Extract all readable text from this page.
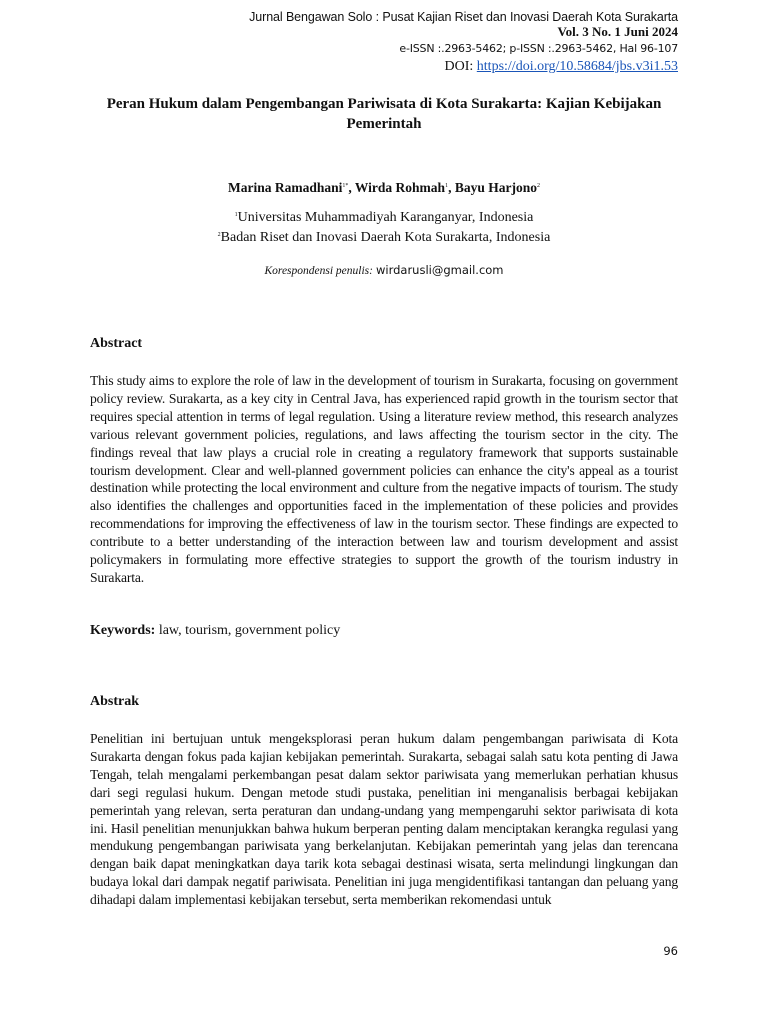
Jurnal Bengawan Solo : Pusat Kajian Riset dan Inovasi Daerah Kota Surakarta
Vol. 3 No. 1 Juni 2024
e-ISSN :.2963-5462; p-ISSN :.2963-5462, Hal 96-107
DOI: https://doi.org/10.58684/jbs.v3i1.53
Peran Hukum dalam Pengembangan Pariwisata di Kota Surakarta: Kajian Kebijakan Pemerintah
Marina Ramadhani$^{1*}$, Wirda Rohmah$^1$, Bayu Harjono$^2$
$^1$Universitas Muhammadiyah Karanganyar, Indonesia
$^2$Badan Riset dan Inovasi Daerah Kota Surakarta, Indonesia
Korespondensi penulis: wirdarusli@gmail.com
Abstract
This study aims to explore the role of law in the development of tourism in Surakarta, focusing on government policy review. Surakarta, as a key city in Central Java, has experienced rapid growth in the tourism sector that requires special attention in terms of legal regulation. Using a literature review method, this research analyzes various relevant government policies, regulations, and laws affecting the tourism sector in the city. The findings reveal that law plays a crucial role in creating a regulatory framework that supports sustainable tourism development. Clear and well-planned government policies can enhance the city's appeal as a tourist destination while protecting the local environment and culture from the negative impacts of tourism. The study also identifies the challenges and opportunities faced in the implementation of these policies and provides recommendations for improving the effectiveness of law in the tourism sector. These findings are expected to contribute to a better understanding of the interaction between law and tourism development and assist policymakers in formulating more effective strategies to support the growth of the tourism industry in Surakarta.
Keywords: law, tourism, government policy
Abstrak
Penelitian ini bertujuan untuk mengeksplorasi peran hukum dalam pengembangan pariwisata di Kota Surakarta dengan fokus pada kajian kebijakan pemerintah. Surakarta, sebagai salah satu kota penting di Jawa Tengah, telah mengalami perkembangan pesat dalam sektor pariwisata yang memerlukan perhatian khusus dari segi regulasi hukum. Dengan metode studi pustaka, penelitian ini menganalisis berbagai kebijakan pemerintah yang relevan, serta peraturan dan undang-undang yang mempengaruhi sektor pariwisata di kota ini. Hasil penelitian menunjukkan bahwa hukum berperan penting dalam menciptakan kerangka regulasi yang mendukung pengembangan pariwisata yang berkelanjutan. Kebijakan pemerintah yang jelas dan terencana dengan baik dapat meningkatkan daya tarik kota sebagai destinasi wisata, serta melindungi lingkungan dan budaya lokal dari dampak negatif pariwisata. Penelitian ini juga mengidentifikasi tantangan dan peluang yang dihadapi dalam implementasi kebijakan tersebut, serta memberikan rekomendasi untuk
96
